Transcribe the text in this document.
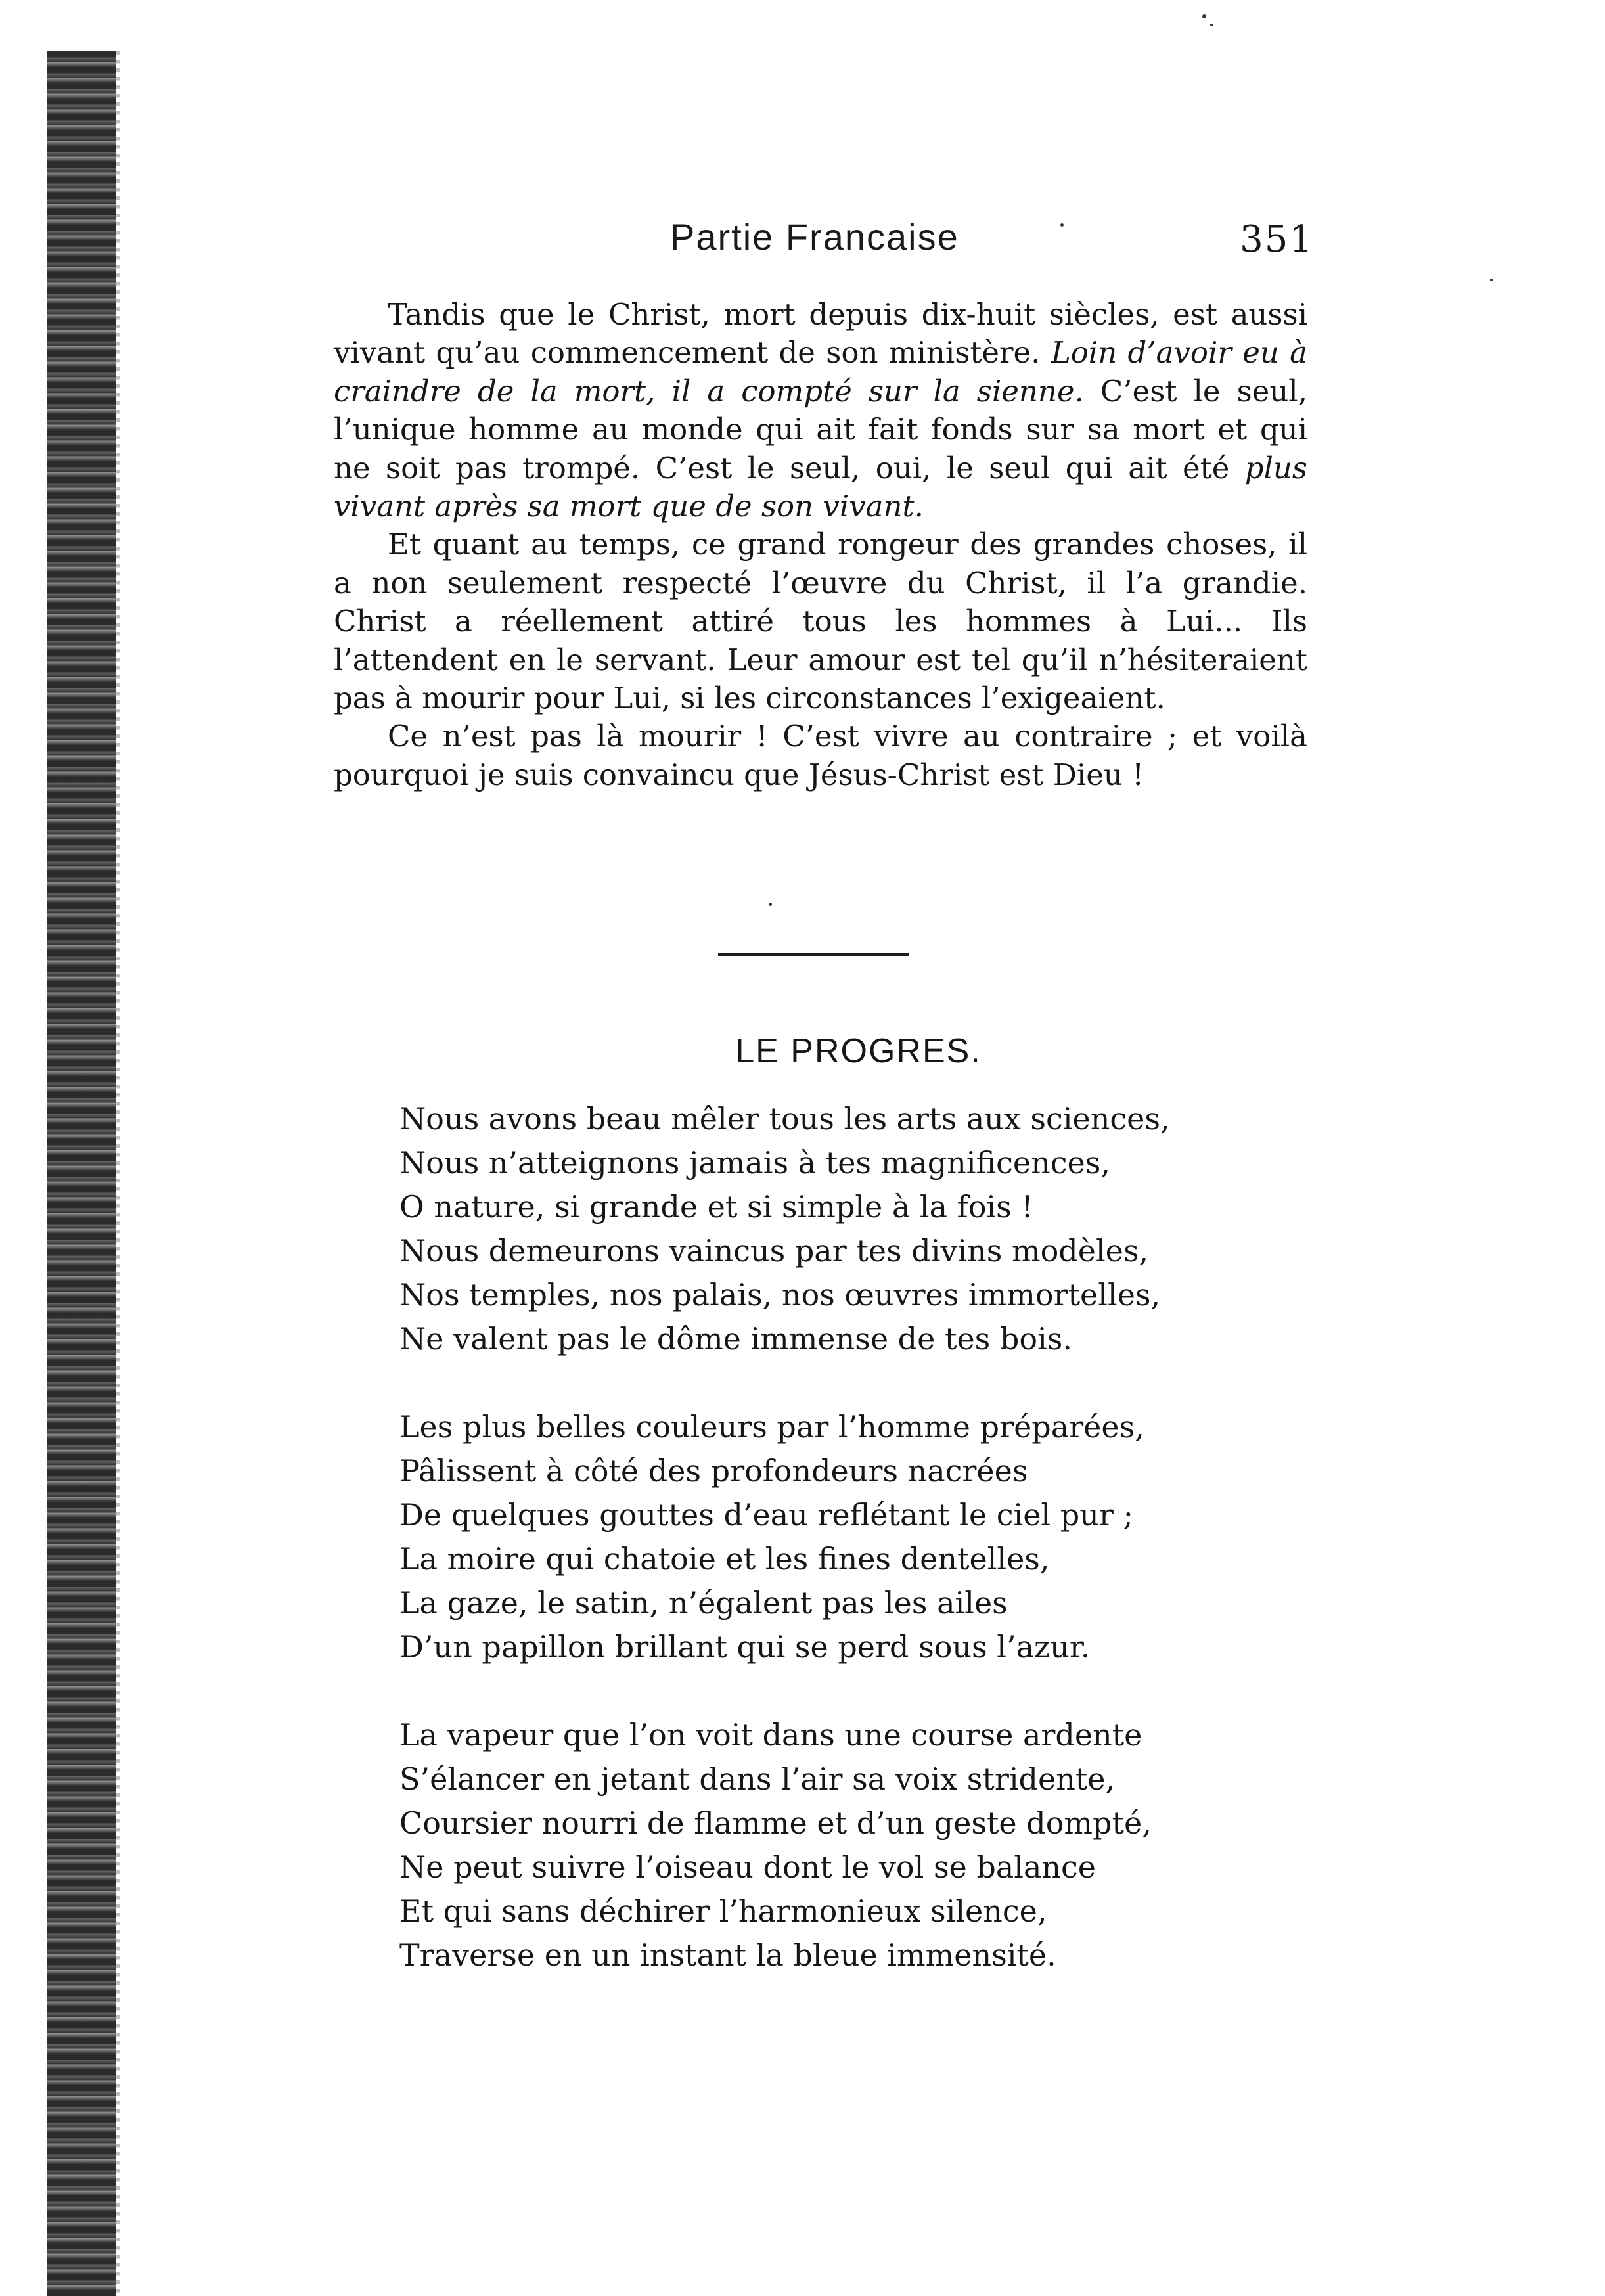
Partie Francaise	351

Tandis que le Christ, mort depuis dix-huit siècles, est aussi vivant qu’au commencement de son ministère. Loin d’avoir eu à craindre de la mort, il a compté sur la sienne. C’est le seul, l’unique homme au monde qui ait fait fonds sur sa mort et qui ne soit pas trompé. C’est le seul, oui, le seul qui ait été plus vivant après sa mort que de son vivant.

Et quant au temps, ce grand rongeur des grandes choses, il a non seulement respecté l’œuvre du Christ, il l’a grandie. Christ a réellement attiré tous les hommes à Lui... Ils l’attendent en le servant. Leur amour est tel qu’il n’hésiteraient pas à mourir pour Lui, si les circonstances l’exigeaient.

Ce n’est pas là mourir ! C’est vivre au contraire ; et voilà pourquoi je suis convaincu que Jésus-Christ est Dieu !

LE PROGRES.
Nous avons beau mêler tous les arts aux sciences,
Nous n’atteignons jamais à tes magnificences,
O nature, si grande et si simple à la fois !
Nous demeurons vaincus par tes divins modèles,
Nos temples, nos palais, nos œuvres immortelles,
Ne valent pas le dôme immense de tes bois.
Les plus belles couleurs par l’homme préparées,
Pâlissent à côté des profondeurs nacrées
De quelques gouttes d’eau reflétant le ciel pur ;
La moire qui chatoie et les fines dentelles,
La gaze, le satin, n’égalent pas les ailes
D’un papillon brillant qui se perd sous l’azur.
La vapeur que l’on voit dans une course ardente
S’élancer en jetant dans l’air sa voix stridente,
Coursier nourri de flamme et d’un geste dompté,
Ne peut suivre l’oiseau dont le vol se balance
Et qui sans déchirer l’harmonieux silence,
Traverse en un instant la bleue immensité.
